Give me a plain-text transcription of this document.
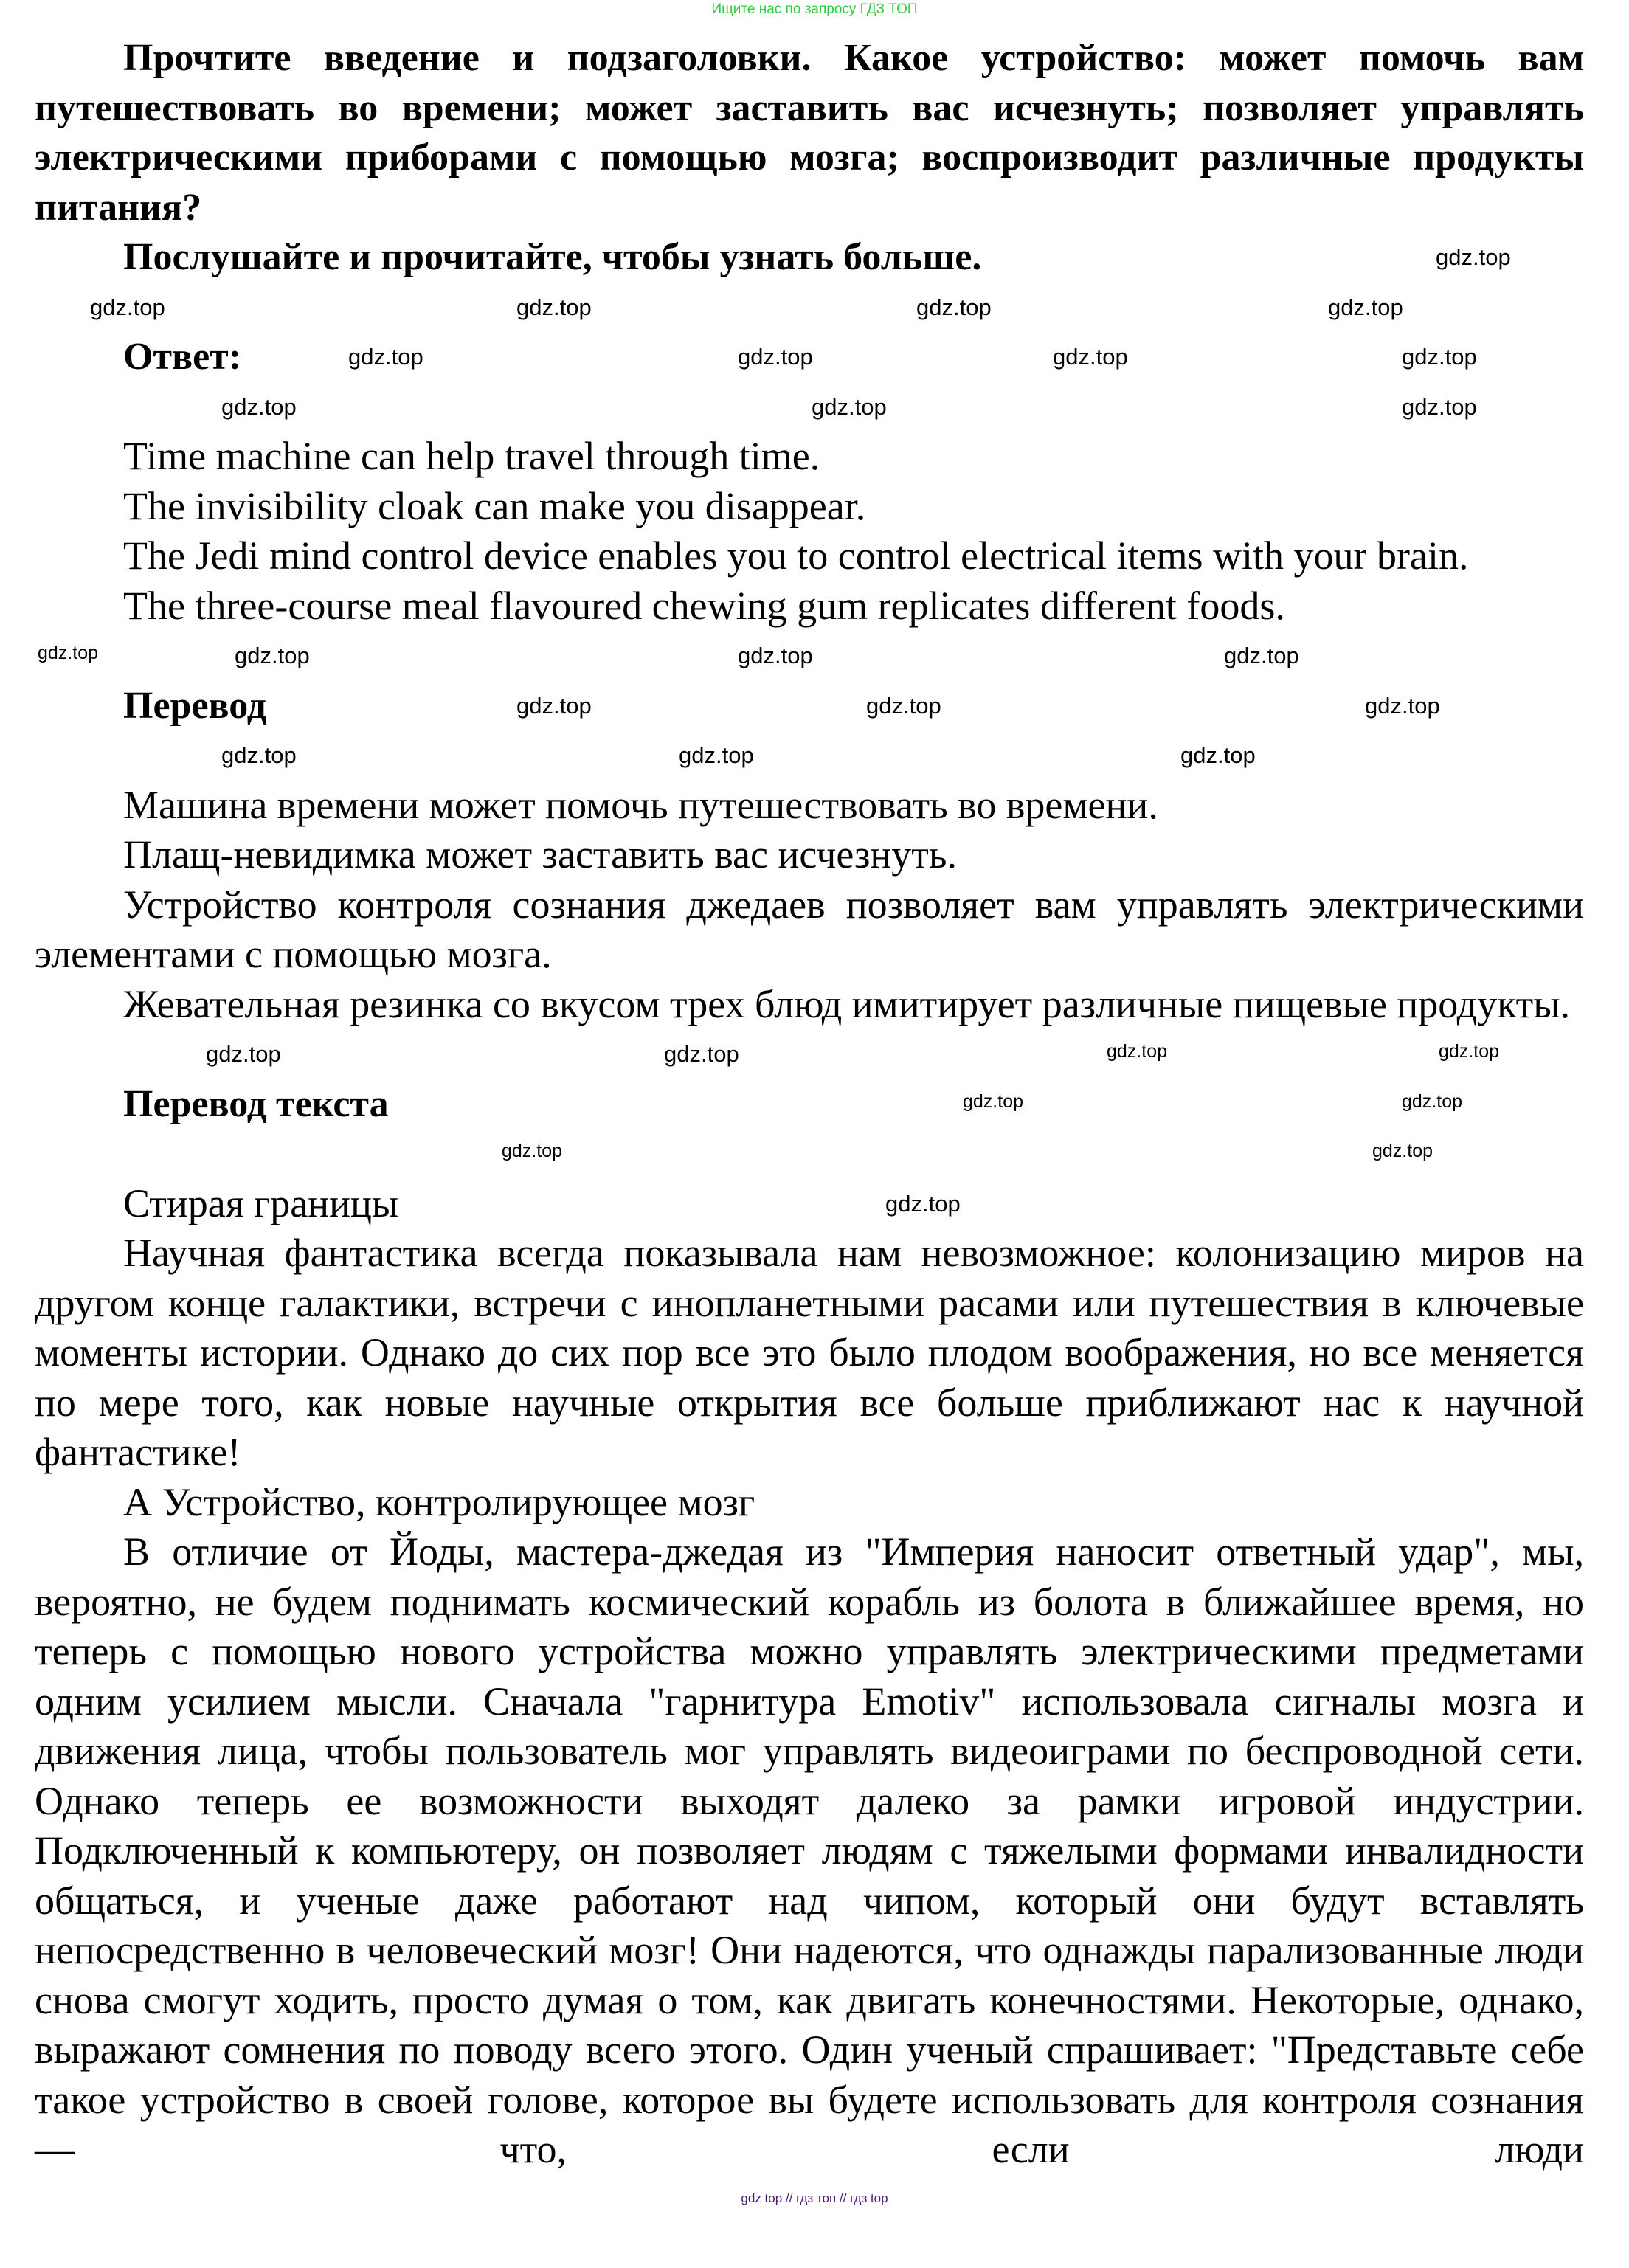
Ищите нас по запросу ГДЗ ТОП

Прочтите введение и подзаголовки. Какое устройство: может помочь вам путешествовать во времени; может заставить вас исчезнуть; позволяет управлять электрическими приборами с помощью мозга; воспроизводит различные продукты питания?

Послушайте и прочитайте, чтобы узнать больше.	gdz.top
gdz.top	gdz.top	gdz.top	gdz.top
Ответ:	gdz.top	gdz.top	gdz.top	gdz.top
gdz.top	gdz.top	gdz.top

Time machine can help travel through time.

The invisibility cloak can make you disappear.

The Jedi mind control device enables you to control electrical items with your brain.

The three-course meal flavoured chewing gum replicates different foods.

gdz.top	gdz.top	gdz.top	gdz.top
Перевод	gdz.top	gdz.top	gdz.top
gdz.top	gdz.top	gdz.top

Машина времени может помочь путешествовать во времени.

Плащ-невидимка может заставить вас исчезнуть.

Устройство контроля сознания джедаев позволяет вам управлять электрическими элементами с помощью мозга.

Жевательная резинка со вкусом трех блюд имитирует различные пищевые продукты.

gdz.top	gdz.top	gdz.top	gdz.top
Перевод текста	gdz.top	gdz.top
gdz.top	gdz.top
Стирая границы	gdz.top

Научная фантастика всегда показывала нам невозможное: колонизацию миров на другом конце галактики, встречи с инопланетными расами или путешествия в ключевые моменты истории. Однако до сих пор все это было плодом воображения, но все меняется по мере того, как новые научные открытия все больше приближают нас к научной фантастике!

А Устройство, контролирующее мозг

В отличие от Йоды, мастера-джедая из "Империя наносит ответный удар", мы, вероятно, не будем поднимать космический корабль из болота в ближайшее время, но теперь с помощью нового устройства можно управлять электрическими предметами одним усилием мысли. Сначала "гарнитура Emotiv" использовала сигналы мозга и движения лица, чтобы пользователь мог управлять видеоиграми по беспроводной сети. Однако теперь ее возможности выходят далеко за рамки игровой индустрии. Подключенный к компьютеру, он позволяет людям с тяжелыми формами инвалидности общаться, и ученые даже работают над чипом, который они будут вставлять непосредственно в человеческий мозг! Они надеются, что однажды парализованные люди снова смогут ходить, просто думая о том, как двигать конечностями. Некоторые, однако, выражают сомнения по поводу всего этого. Один ученый спрашивает: "Представьте себе такое устройство в своей голове, которое вы будете использовать для контроля сознания — что, если люди

gdz top // гдз топ // гдз top
